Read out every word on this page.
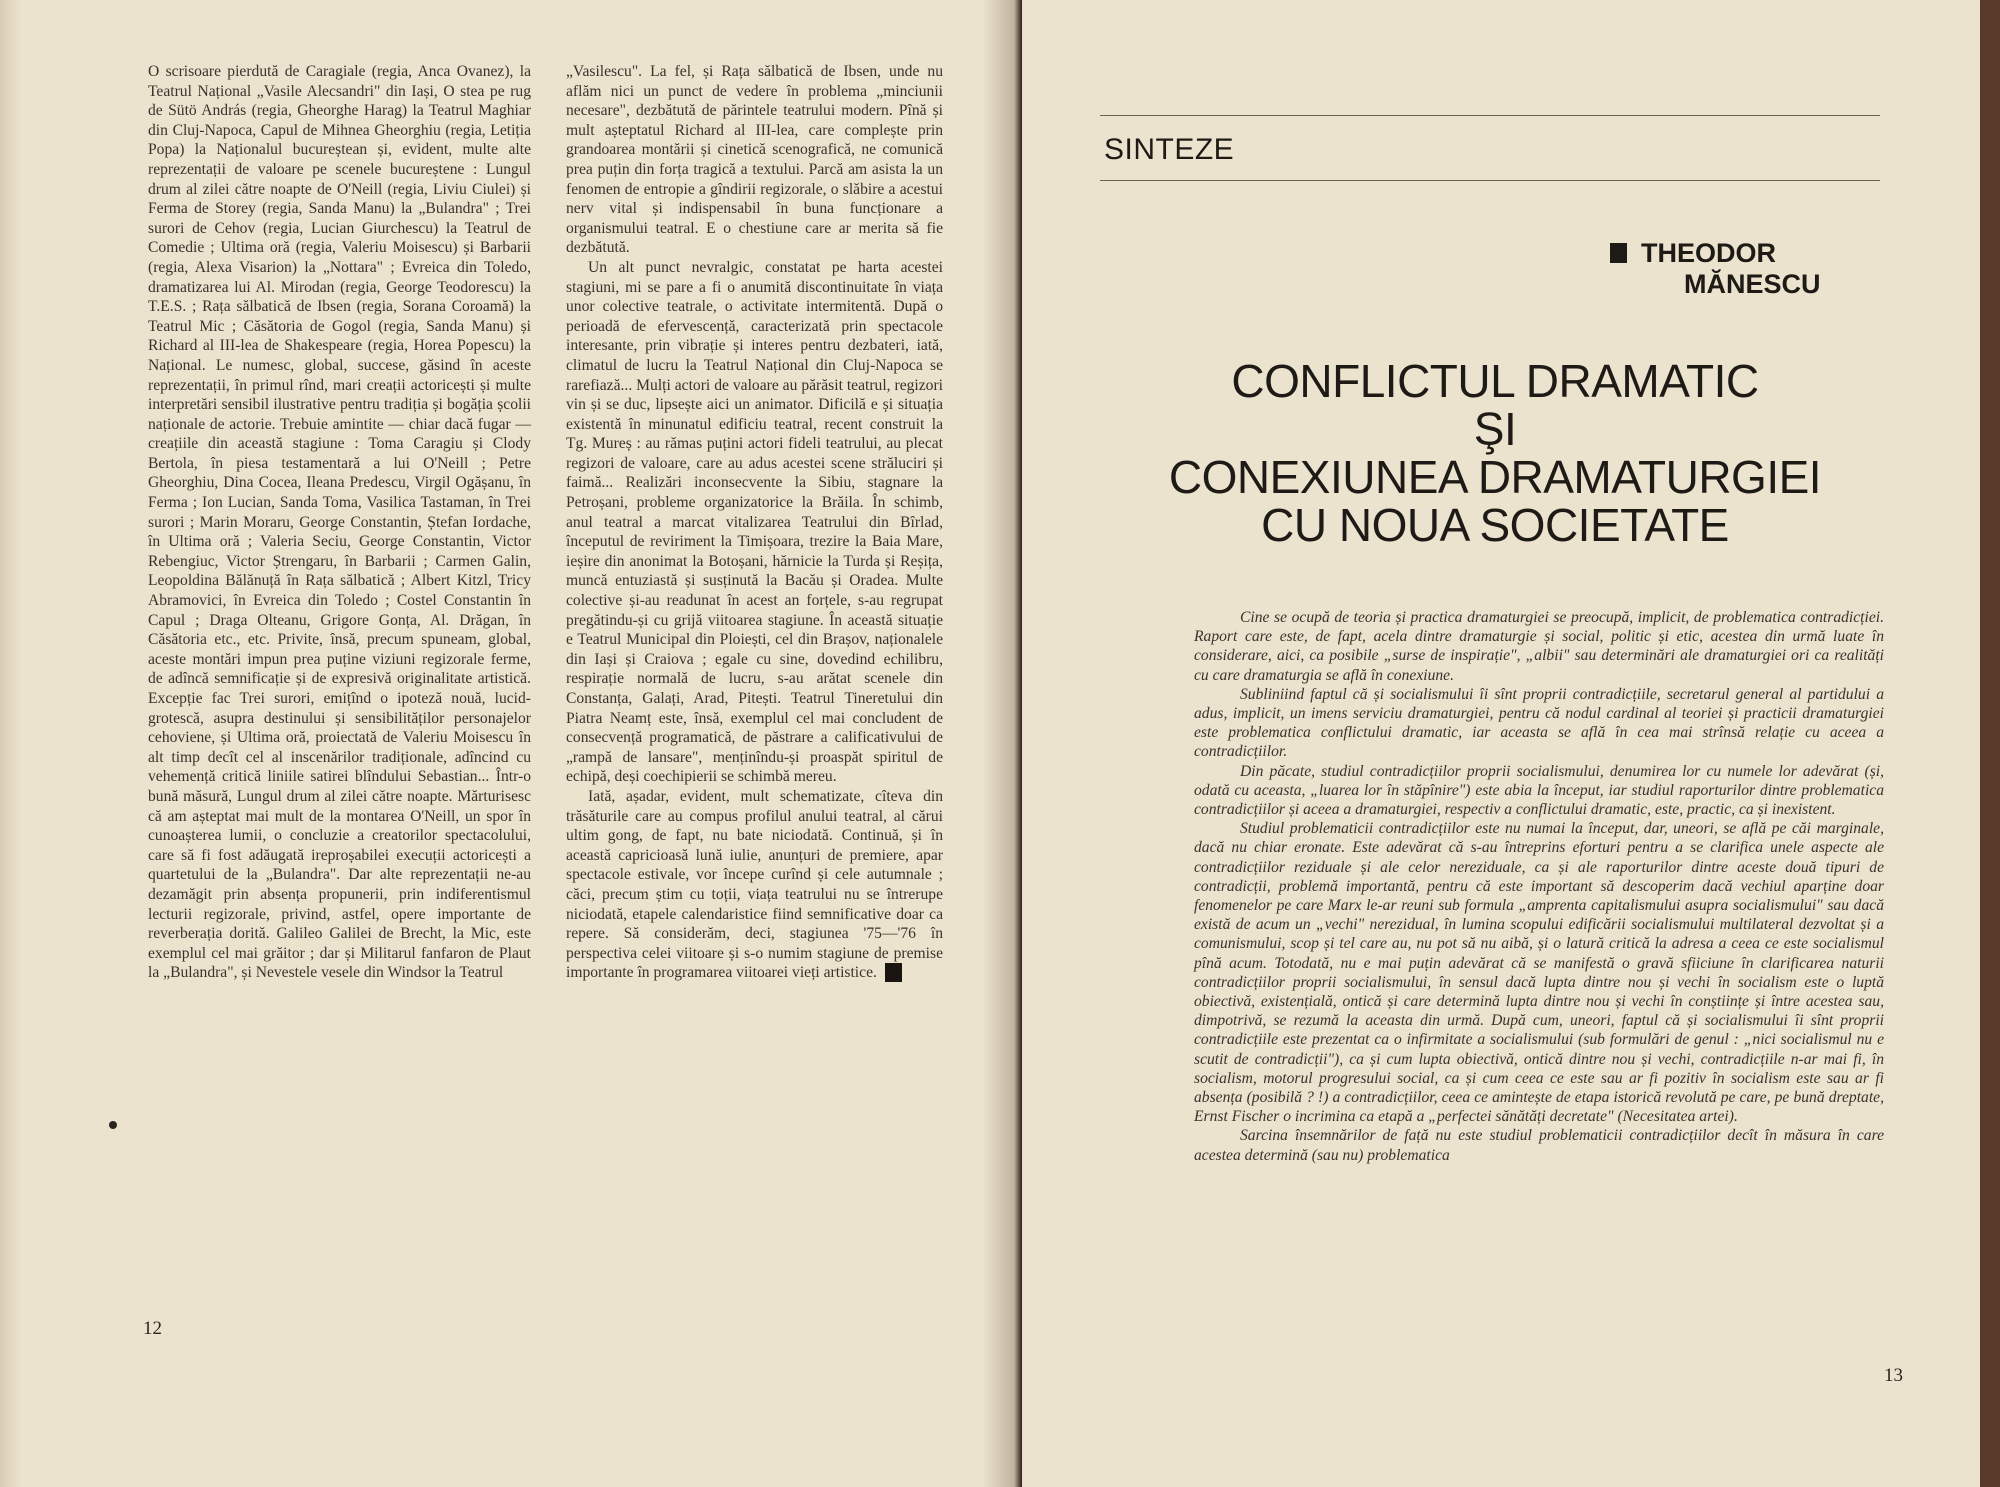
O scrisoare pierdută de Caragiale (regia, Anca Ovanez), la Teatrul Național „Vasile Alecsandri" din Iași, O stea pe rug de Sütö András (regia, Gheorghe Harag) la Teatrul Maghiar din Cluj-Napoca, Capul de Mihnea Gheorghiu (regia, Letiția Popa) la Naționalul bucureștean și, evident, multe alte reprezentații de valoare pe scenele bucureștene : Lungul drum al zilei către noapte de O'Neill (regia, Liviu Ciulei) și Ferma de Storey (regia, Sanda Manu) la „Bulandra" ; Trei surori de Cehov (regia, Lucian Giurchescu) la Teatrul de Comedie ; Ultima oră (regia, Valeriu Moisescu) și Barbarii (regia, Alexa Visarion) la „Nottara" ; Evreica din Toledo, dramatizarea lui Al. Mirodan (regia, George Teodorescu) la T.E.S. ; Rața sălbatică de Ibsen (regia, Sorana Coroamă) la Teatrul Mic ; Căsătoria de Gogol (regia, Sanda Manu) și Richard al III-lea de Shakespeare (regia, Horea Popescu) la Național. Le numesc, global, succese, găsind în aceste reprezentații, în primul rînd, mari creații actoricești și multe interpretări sensibil ilustrative pentru tradiția și bogăția școlii naționale de actorie. Trebuie amintite — chiar dacă fugar — creațiile din această stagiune : Toma Caragiu și Clody Bertola, în piesa testamentară a lui O'Neill ; Petre Gheorghiu, Dina Cocea, Ileana Predescu, Virgil Ogășanu, în Ferma ; Ion Lucian, Sanda Toma, Vasilica Tastaman, în Trei surori ; Marin Moraru, George Constantin, Ștefan Iordache, în Ultima oră ; Valeria Seciu, George Constantin, Victor Rebengiuc, Victor Ștrengaru, în Barbarii ; Carmen Galin, Leopoldina Bălănuță în Rața sălbatică ; Albert Kitzl, Tricy Abramovici, în Evreica din Toledo ; Costel Constantin în Capul ; Draga Olteanu, Grigore Gonța, Al. Drăgan, în Căsătoria etc., etc. Privite, însă, precum spuneam, global, aceste montări impun prea puține viziuni regizorale ferme, de adîncă semnificație și de expresivă originalitate artistică. Excepție fac Trei surori, emițînd o ipoteză nouă, lucid-grotescă, asupra destinului și sensibilităților personajelor cehoviene, și Ultima oră, proiectată de Valeriu Moisescu în alt timp decît cel al inscenărilor tradiționale, adîncind cu vehemență critică liniile satirei blîndului Sebastian... Într-o bună măsură, Lungul drum al zilei către noapte. Mărturisesc că am așteptat mai mult de la montarea O'Neill, un spor în cunoașterea lumii, o concluzie a creatorilor spectacolului, care să fi fost adăugată ireproșabilei execuții actoricești a quartetului de la „Bulandra". Dar alte reprezentații ne-au dezamăgit prin absența propunerii, prin indiferentismul lecturii regizorale, privind, astfel, opere importante de reverberația dorită. Galileo Galilei de Brecht, la Mic, este exemplul cel mai grăitor ; dar și Militarul fanfaron de Plaut la „Bulandra", și Nevestele vesele din Windsor la Teatrul

„Vasilescu". La fel, și Rața sălbatică de Ibsen, unde nu aflăm nici un punct de vedere în problema „minciunii necesare", dezbătută de părintele teatrului modern. Pînă și mult așteptatul Richard al III-lea, care complește prin grandoarea montării și cinetică scenografică, ne comunică prea puțin din forța tragică a textului. Parcă am asista la un fenomen de entropie a gîndirii regizorale, o slăbire a acestui nerv vital și indispensabil în buna funcționare a organismului teatral. E o chestiune care ar merita să fie dezbătută.

Un alt punct nevralgic, constatat pe harta acestei stagiuni, mi se pare a fi o anumită discontinuitate în viața unor colective teatrale, o activitate intermitentă. După o perioadă de efervescență, caracterizată prin spectacole interesante, prin vibrație și interes pentru dezbateri, iată, climatul de lucru la Teatrul Național din Cluj-Napoca se rarefiază... Mulți actori de valoare au părăsit teatrul, regizori vin și se duc, lipsește aici un animator. Dificilă e și situația existentă în minunatul edificiu teatral, recent construit la Tg. Mureș : au rămas puțini actori fideli teatrului, au plecat regizori de valoare, care au adus acestei scene străluciri și faimă... Realizări inconsecvente la Sibiu, stagnare la Petroșani, probleme organizatorice la Brăila. În schimb, anul teatral a marcat vitalizarea Teatrului din Bîrlad, începutul de reviriment la Timișoara, trezire la Baia Mare, ieșire din anonimat la Botoșani, hărnicie la Turda și Reșița, muncă entuziastă și susținută la Bacău și Oradea. Multe colective și-au readunat în acest an forțele, s-au regrupat pregătindu-și cu grijă viitoarea stagiune. În această situație e Teatrul Municipal din Ploiești, cel din Brașov, naționalele din Iași și Craiova ; egale cu sine, dovedind echilibru, respirație normală de lucru, s-au arătat scenele din Constanța, Galați, Arad, Pitești. Teatrul Tineretului din Piatra Neamț este, însă, exemplul cel mai concludent de consecvență programatică, de păstrare a calificativului de „rampă de lansare", menținîndu-și proaspăt spiritul de echipă, deși coechipierii se schimbă mereu.

Iată, așadar, evident, mult schematizate, cîteva din trăsăturile care au compus profilul anului teatral, al cărui ultim gong, de fapt, nu bate niciodată. Continuă, și în această capricioasă lună iulie, anunțuri de premiere, apar spectacole estivale, vor începe curînd și cele autumnale ; căci, precum știm cu toții, viața teatrului nu se întrerupe niciodată, etapele calendaristice fiind semnificative doar ca repere. Să considerăm, deci, stagiunea '75—'76 în perspectiva celei viitoare și s-o numim stagiune de premise importante în programarea viitoarei vieți artistice.

12
SINTEZE
THEODOR
MĂNESCU
CONFLICTUL DRAMATIC
ŞI
CONEXIUNEA DRAMATURGIEI
CU NOUA SOCIETATE

Cine se ocupă de teoria și practica dramaturgiei se preocupă, implicit, de problematica contradicției. Raport care este, de fapt, acela dintre dramaturgie și social, politic și etic, acestea din urmă luate în considerare, aici, ca posibile „surse de inspirație", „albii" sau determinări ale dramaturgiei ori ca realități cu care dramaturgia se află în conexiune.

Subliniind faptul că și socialismului îi sînt proprii contradicțiile, secretarul general al partidului a adus, implicit, un imens serviciu dramaturgiei, pentru că nodul cardinal al teoriei și practicii dramaturgiei este problematica conflictului dramatic, iar aceasta se află în cea mai strînsă relație cu aceea a contradicțiilor.

Din păcate, studiul contradicțiilor proprii socialismului, denumirea lor cu numele lor adevărat (și, odată cu aceasta, „luarea lor în stăpînire") este abia la început, iar studiul raporturilor dintre problematica contradicțiilor și aceea a dramaturgiei, respectiv a conflictului dramatic, este, practic, ca și inexistent.

Studiul problematicii contradicțiilor este nu numai la început, dar, uneori, se află pe căi marginale, dacă nu chiar eronate. Este adevărat că s-au întreprins eforturi pentru a se clarifica unele aspecte ale contradicțiilor reziduale și ale celor nereziduale, ca și ale raporturilor dintre aceste două tipuri de contradicții, problemă importantă, pentru că este important să descoperim dacă vechiul aparține doar fenomenelor pe care Marx le-ar reuni sub formula „amprenta capitalismului asupra socialismului" sau dacă există de acum un „vechi" nerezidual, în lumina scopului edificării socialismului multilateral dezvoltat și a comunismului, scop și tel care au, nu pot să nu aibă, și o latură critică la adresa a ceea ce este socialismul pînă acum. Totodată, nu e mai puțin adevărat că se manifestă o gravă sfiiciune în clarificarea naturii contradicțiilor proprii socialismului, în sensul dacă lupta dintre nou și vechi în socialism este o luptă obiectivă, existențială, ontică și care determină lupta dintre nou și vechi în conștiințe și între acestea sau, dimpotrivă, se rezumă la aceasta din urmă. După cum, uneori, faptul că și socialismului îi sînt proprii contradicțiile este prezentat ca o infirmitate a socialismului (sub formulări de genul : „nici socialismul nu e scutit de contradicții"), ca și cum lupta obiectivă, ontică dintre nou și vechi, contradicțiile n-ar mai fi, în socialism, motorul progresului social, ca și cum ceea ce este sau ar fi pozitiv în socialism este sau ar fi absența (posibilă ? !) a contradicțiilor, ceea ce amintește de etapa istorică revolută pe care, pe bună dreptate, Ernst Fischer o incrimina ca etapă a „perfectei sănătăți decretate" (Necesitatea artei).

Sarcina însemnărilor de față nu este studiul problematicii contradicțiilor decît în măsura în care acestea determină (sau nu) problematica

13
